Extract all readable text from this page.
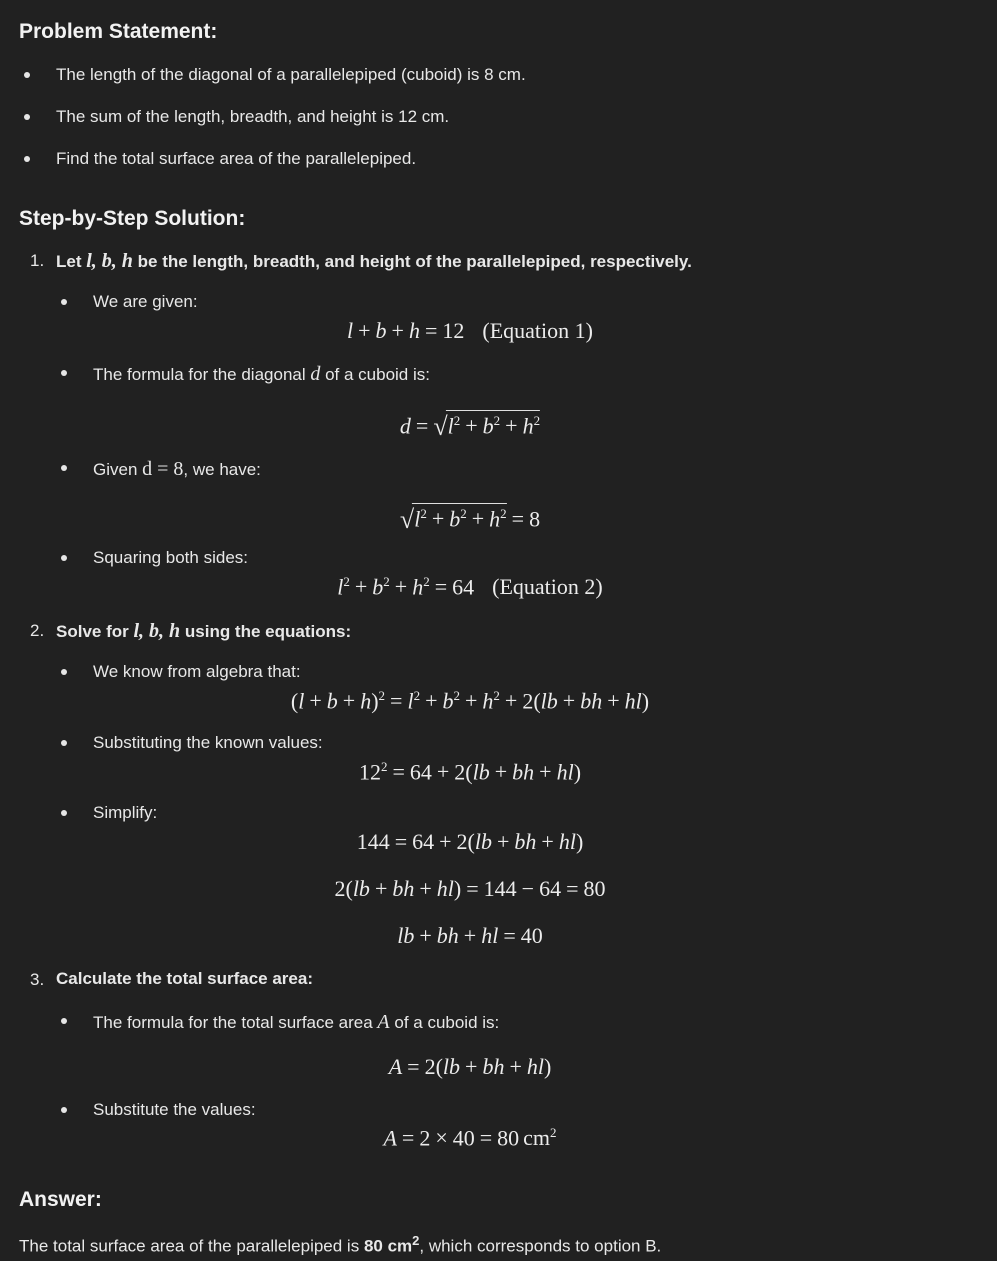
Problem Statement:
The length of the diagonal of a parallelepiped (cuboid) is 8 cm.
The sum of the length, breadth, and height is 12 cm.
Find the total surface area of the parallelepiped.
Step-by-Step Solution:
1. Let l, b, h be the length, breadth, and height of the parallelepiped, respectively.
We are given:
l + b + h = 12 (Equation 1)
The formula for the diagonal d of a cuboid is:
$d = √l^2 + b^2 + h^2$
Given d = 8, we have:
$√l^2 + b^2 + h^2 = 8$
Squaring both sides:
$l^2 + b^2 + h^2 = 64$ (Equation 2)
2. Solve for l, b, h using the equations:
We know from algebra that:
$(l + b + h)^2 = l^2 + b^2 + h^2 + 2(lb$ + bh + hl)
Substituting the known values:
$12^2 = 64 + 2(lb$ + bh + hl)
Simplify:
144 = 64 + 2(lb + bh + hl)
2(lb + bh + hl) = 144 − 64 = 80
lb + bh + hl = 40
3. Calculate the total surface area:
The formula for the total surface area A of a cuboid is:
A = 2(lb + bh + hl)
Substitute the values:
A = 2 × 40 = 80 $cm^2$
Answer:
The total surface area of the parallelepiped is 80 $cm^2$, which corresponds to option B.
